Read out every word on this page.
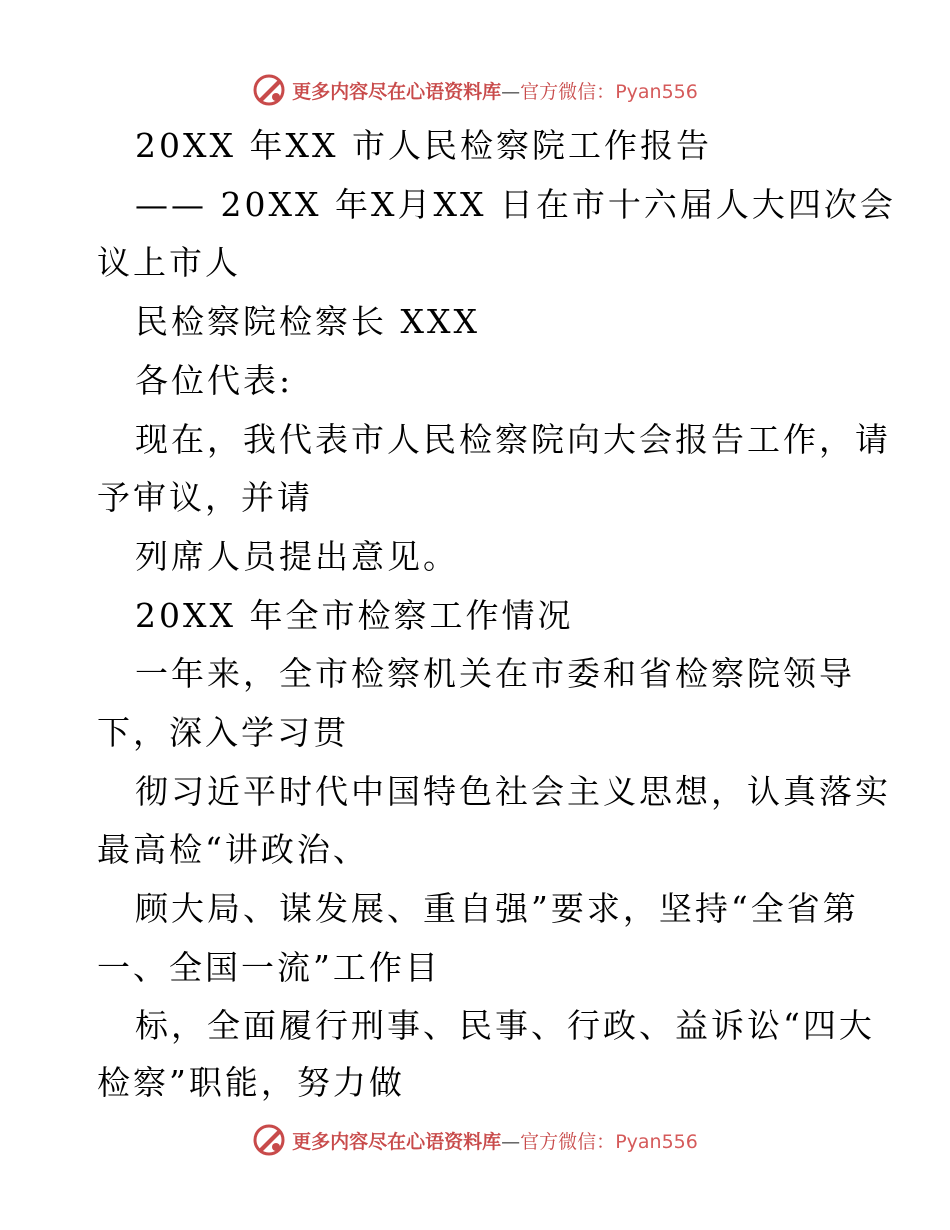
更多内容尽在心语资料库—官方微信：Pyan556
20XX 年XX 市人民检察院工作报告
—— 20XX 年X月XX 日在市十六届人大四次会
议上市人
民检察院检察长 XXX
各位代表:
现在，我代表市人民检察院向大会报告工作，请
予审议，并请
列席人员提出意见。
20XX 年全市检察工作情况
一年来，全市检察机关在市委和省检察院领导
下，深入学习贯
彻习近平时代中国特色社会主义思想，认真落实
最高检“讲政治、
顾大局、谋发展、重自强”要求，坚持“全省第
一、全国一流”工作目
标，全面履行刑事、民事、行政、益诉讼“四大
检察”职能，努力做
更多内容尽在心语资料库—官方微信：Pyan556
